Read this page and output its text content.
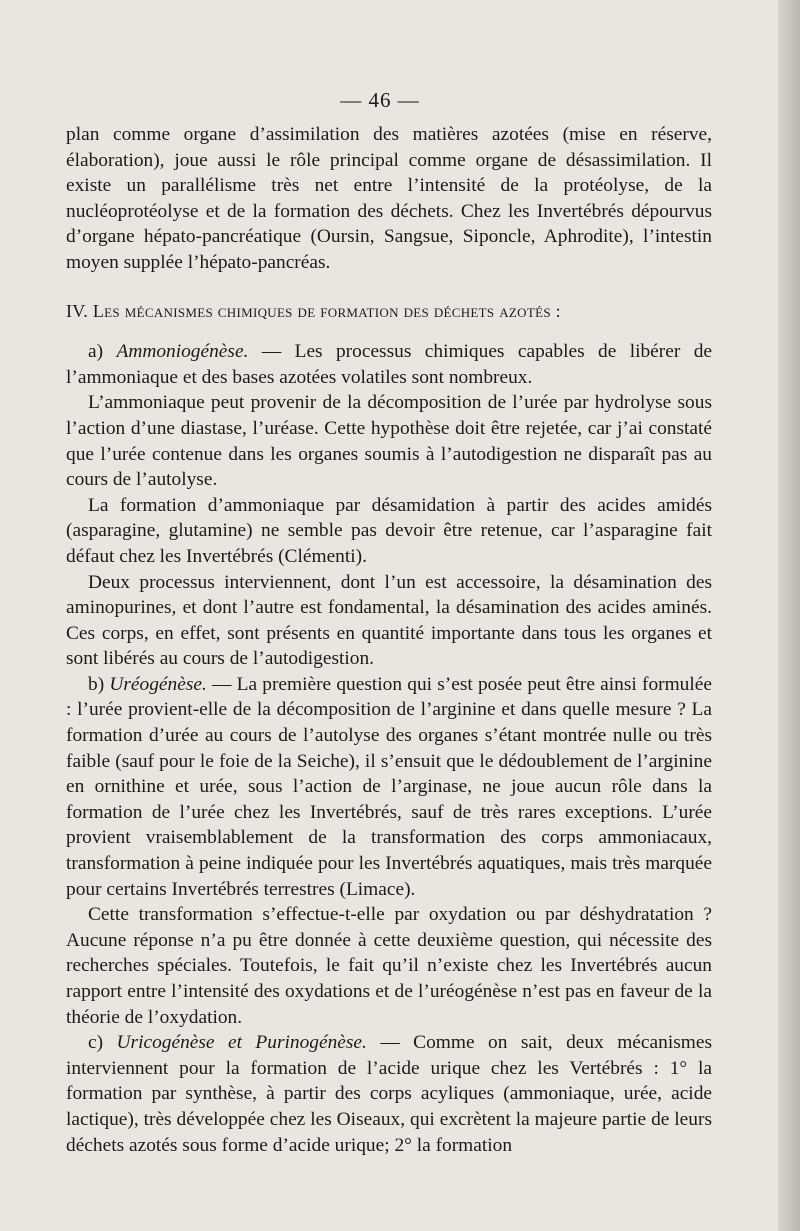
— 46 —

plan comme organe d’assimilation des matières azotées (mise en réserve, élaboration), joue aussi le rôle principal comme organe de désassimilation. Il existe un parallélisme très net entre l’intensité de la protéolyse, de la nucléoprotéolyse et de la formation des déchets. Chez les Invertébrés dépourvus d’organe hépato-pancréatique (Oursin, Sangsue, Siponcle, Aphrodite), l’intestin moyen supplée l’hépato-pancréas.

IV. Les mécanismes chimiques de formation des déchets azotés :

a) Ammoniogénèse. — Les processus chimiques capables de libérer de l’ammoniaque et des bases azotées volatiles sont nombreux.

L’ammoniaque peut provenir de la décomposition de l’urée par hydrolyse sous l’action d’une diastase, l’uréase. Cette hypothèse doit être rejetée, car j’ai constaté que l’urée contenue dans les organes soumis à l’autodigestion ne disparaît pas au cours de l’autolyse.

La formation d’ammoniaque par désamidation à partir des acides amidés (asparagine, glutamine) ne semble pas devoir être retenue, car l’asparagine fait défaut chez les Invertébrés (Clémenti).

Deux processus interviennent, dont l’un est accessoire, la désamination des aminopurines, et dont l’autre est fondamental, la désamination des acides aminés. Ces corps, en effet, sont présents en quantité importante dans tous les organes et sont libérés au cours de l’autodigestion.

b) Uréogénèse. — La première question qui s’est posée peut être ainsi formulée : l’urée provient-elle de la décomposition de l’arginine et dans quelle mesure ? La formation d’urée au cours de l’autolyse des organes s’étant montrée nulle ou très faible (sauf pour le foie de la Seiche), il s’ensuit que le dédoublement de l’arginine en ornithine et urée, sous l’action de l’arginase, ne joue aucun rôle dans la formation de l’urée chez les Invertébrés, sauf de très rares exceptions. L’urée provient vraisemblablement de la transformation des corps ammoniacaux, transformation à peine indiquée pour les Invertébrés aquatiques, mais très marquée pour certains Invertébrés terrestres (Limace).

Cette transformation s’effectue-t-elle par oxydation ou par déshydratation ? Aucune réponse n’a pu être donnée à cette deuxième question, qui nécessite des recherches spéciales. Toutefois, le fait qu’il n’existe chez les Invertébrés aucun rapport entre l’intensité des oxydations et de l’uréogénèse n’est pas en faveur de la théorie de l’oxydation.

c) Uricogénèse et Purinogénèse. — Comme on sait, deux mécanismes interviennent pour la formation de l’acide urique chez les Vertébrés : 1° la formation par synthèse, à partir des corps acyliques (ammoniaque, urée, acide lactique), très développée chez les Oiseaux, qui excrètent la majeure partie de leurs déchets azotés sous forme d’acide urique; 2° la formation
